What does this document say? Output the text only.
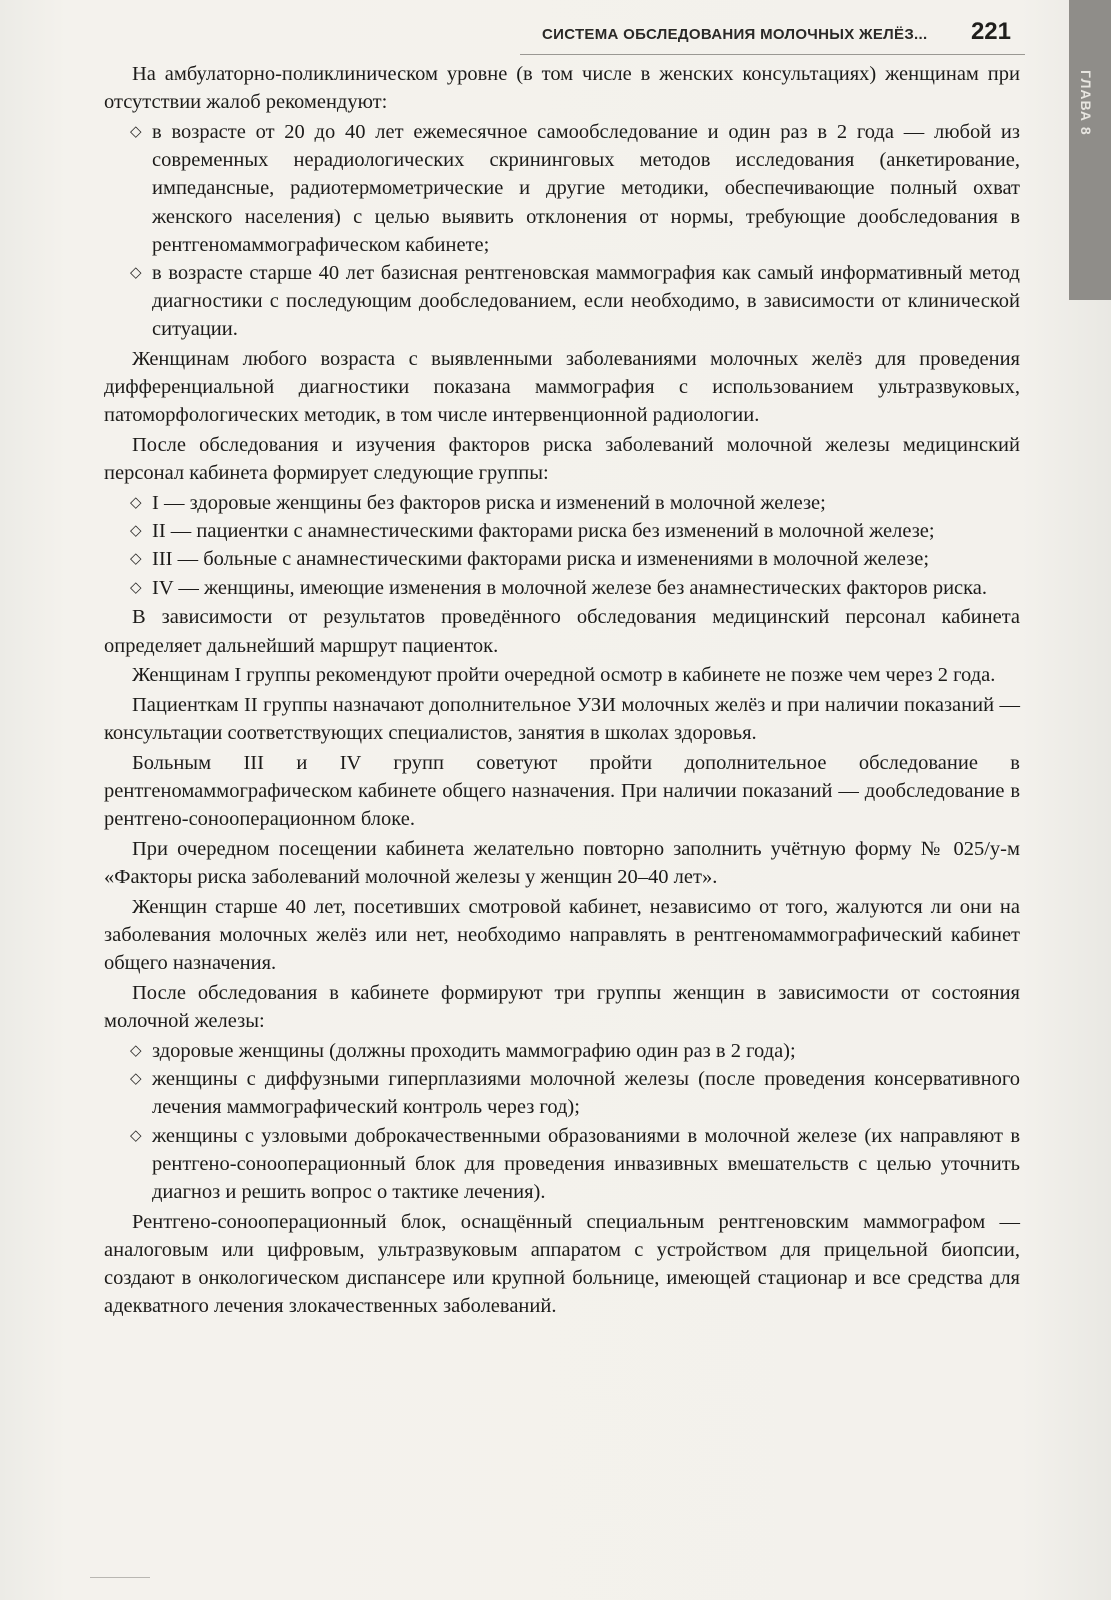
СИСТЕМА ОБСЛЕДОВАНИЯ МОЛОЧНЫХ ЖЕЛЁЗ... 221
ГЛАВА 8

На амбулаторно-поликлиническом уровне (в том числе в женских консультациях) женщинам при отсутствии жалоб рекомендуют:

◇ в возрасте от 20 до 40 лет ежемесячное самообследование и один раз в 2 года — любой из современных нерадиологических скрининговых методов исследования (анкетирование, импедансные, радиотермометрические и другие методики, обеспечивающие полный охват женского населения) с целью выявить отклонения от нормы, требующие дообследования в рентгеномаммографическом кабинете;
◇ в возрасте старше 40 лет базисная рентгеновская маммография как самый информативный метод диагностики с последующим дообследованием, если необходимо, в зависимости от клинической ситуации.

Женщинам любого возраста с выявленными заболеваниями молочных желёз для проведения дифференциальной диагностики показана маммография с использованием ультразвуковых, патоморфологических методик, в том числе интервенционной радиологии.

После обследования и изучения факторов риска заболеваний молочной железы медицинский персонал кабинета формирует следующие группы:

◇ I — здоровые женщины без факторов риска и изменений в молочной железе;
◇ II — пациентки с анамнестическими факторами риска без изменений в молочной железе;
◇ III — больные с анамнестическими факторами риска и изменениями в молочной железе;
◇ IV — женщины, имеющие изменения в молочной железе без анамнестических факторов риска.

В зависимости от результатов проведённого обследования медицинский персонал кабинета определяет дальнейший маршрут пациенток.

Женщинам I группы рекомендуют пройти очередной осмотр в кабинете не позже чем через 2 года.

Пациенткам II группы назначают дополнительное УЗИ молочных желёз и при наличии показаний — консультации соответствующих специалистов, занятия в школах здоровья.

Больным III и IV групп советуют пройти дополнительное обследование в рентгеномаммографическом кабинете общего назначения. При наличии показаний — дообследование в рентгено-сонооперационном блоке.

При очередном посещении кабинета желательно повторно заполнить учётную форму № 025/у-м «Факторы риска заболеваний молочной железы у женщин 20–40 лет».

Женщин старше 40 лет, посетивших смотровой кабинет, независимо от того, жалуются ли они на заболевания молочных желёз или нет, необходимо направлять в рентгеномаммографический кабинет общего назначения.

После обследования в кабинете формируют три группы женщин в зависимости от состояния молочной железы:

◇ здоровые женщины (должны проходить маммографию один раз в 2 года);
◇ женщины с диффузными гиперплазиями молочной железы (после проведения консервативного лечения маммографический контроль через год);
◇ женщины с узловыми доброкачественными образованиями в молочной железе (их направляют в рентгено-сонооперационный блок для проведения инвазивных вмешательств с целью уточнить диагноз и решить вопрос о тактике лечения).

Рентгено-сонооперационный блок, оснащённый специальным рентгеновским маммографом — аналоговым или цифровым, ультразвуковым аппаратом с устройством для прицельной биопсии, создают в онкологическом диспансере или крупной больнице, имеющей стационар и все средства для адекватного лечения злокачественных заболеваний.
